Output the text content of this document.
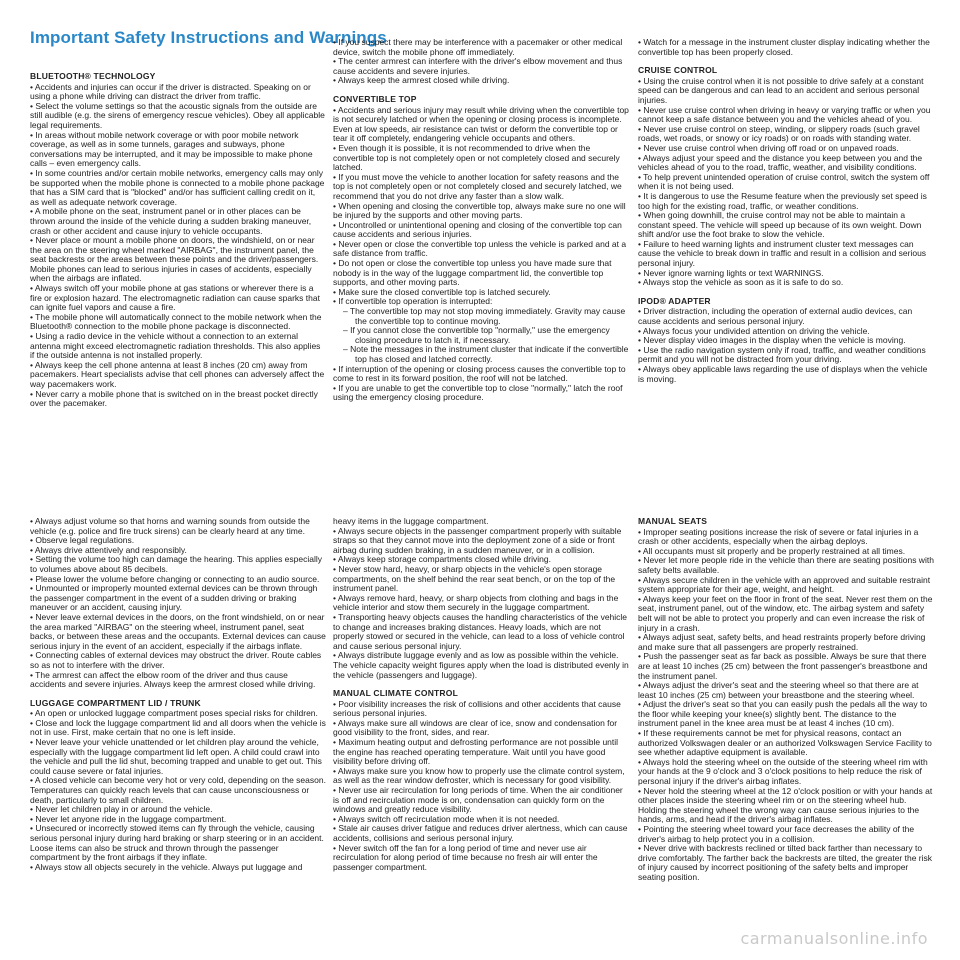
Important Safety Instructions and Warnings
BLUETOOTH® TECHNOLOGY

• Accidents and injuries can occur if the driver is distracted. Speaking on or using a phone while driving can distract the driver from traffic.

• Select the volume settings so that the acoustic signals from the outside are still audible (e.g. the sirens of emergency rescue vehicles). Obey all applicable legal requirements.

• In areas without mobile network coverage or with poor mobile network coverage, as well as in some tunnels, garages and subways, phone conversations may be interrupted, and it may be impossible to make phone calls – even emergency calls.

• In some countries and/or certain mobile networks, emergency calls may only be supported when the mobile phone is connected to a mobile phone package that has a SIM card that is "blocked" and/or has sufficient calling credit on it, as well as adequate network coverage.

• A mobile phone on the seat, instrument panel or in other places can be thrown around the inside of the vehicle during a sudden braking maneuver, crash or other accident and cause injury to vehicle occupants.

• Never place or mount a mobile phone on doors, the windshield, on or near the area on the steering wheel marked "AIRBAG", the instrument panel, the seat backrests or the areas between these points and the driver/passengers. Mobile phones can lead to serious injuries in cases of accidents, especially when the airbags are inflated.

• Always switch off your mobile phone at gas stations or wherever there is a fire or explosion hazard. The electromagnetic radiation can cause sparks that can ignite fuel vapors and cause a fire.

• The mobile phone will automatically connect to the mobile network when the Bluetooth® connection to the mobile phone package is disconnected.

• Using a radio device in the vehicle without a connection to an external antenna might exceed electromagnetic radiation thresholds. This also applies if the outside antenna is not installed properly.

• Always keep the cell phone antenna at least 8 inches (20 cm) away from pacemakers. Heart specialists advise that cell phones can adversely affect the way pacemakers work.

• Never carry a mobile phone that is switched on in the breast pocket directly over the pacemaker.

• If you suspect there may be interference with a pacemaker or other medical device, switch the mobile phone off immediately.

• The center armrest can interfere with the driver's elbow movement and thus cause accidents and severe injuries.

• Always keep the armrest closed while driving.

CONVERTIBLE TOP

• Accidents and serious injury may result while driving when the convertible top is not securely latched or when the opening or closing process is incomplete. Even at low speeds, air resistance can twist or deform the convertible top or tear it off completely, endangering vehicle occupants and others.

• Even though it is possible, it is not recommended to drive when the convertible top is not completely open or not completely closed and securely latched.

• If you must move the vehicle to another location for safety reasons and the top is not completely open or not completely closed and securely latched, we recommend that you do not drive any faster than a slow walk.

• When opening and closing the convertible top, always make sure no one will be injured by the supports and other moving parts.

• Uncontrolled or unintentional opening and closing of the convertible top can cause accidents and serious injuries.

• Never open or close the convertible top unless the vehicle is parked and at a safe distance from traffic.

• Do not open or close the convertible top unless you have made sure that nobody is in the way of the luggage compartment lid, the convertible top supports, and other moving parts.

• Make sure the closed convertible top is latched securely.

• If convertible top operation is interrupted:

– The convertible top may not stop moving immediately. Gravity may cause the convertible top to continue moving.

– If you cannot close the convertible top "normally," use the emergency closing procedure to latch it, if necessary.

– Note the messages in the instrument cluster that indicate if the convertible top has closed and latched correctly.

• If interruption of the opening or closing process causes the convertible top to come to rest in its forward position, the roof will not be latched.

• If you are unable to get the convertible top to close "normally," latch the roof using the emergency closing procedure.

• Watch for a message in the instrument cluster display indicating whether the convertible top has been properly closed.

CRUISE CONTROL

• Using the cruise control when it is not possible to drive safely at a constant speed can be dangerous and can lead to an accident and serious personal injuries.

• Never use cruise control when driving in heavy or varying traffic or when you cannot keep a safe distance between you and the vehicles ahead of you.

• Never use cruise control on steep, winding, or slippery roads (such gravel roads, wet roads, or snowy or icy roads) or on roads with standing water.

• Never use cruise control when driving off road or on unpaved roads.

• Always adjust your speed and the distance you keep between you and the vehicles ahead of you to the road, traffic, weather, and visibility conditions.

• To help prevent unintended operation of cruise control, switch the system off when it is not being used.

• It is dangerous to use the Resume feature when the previously set speed is too high for the existing road, traffic, or weather conditions.

• When going downhill, the cruise control may not be able to maintain a constant speed. The vehicle will speed up because of its own weight. Down shift and/or use the foot brake to slow the vehicle.

• Failure to heed warning lights and instrument cluster text messages can cause the vehicle to break down in traffic and result in a collision and serious personal injury.

• Never ignore warning lights or text WARNINGS.

• Always stop the vehicle as soon as it is safe to do so.

IPOD® ADAPTER

• Driver distraction, including the operation of external audio devices, can cause accidents and serious personal injury.

• Always focus your undivided attention on driving the vehicle.

• Never display video images in the display when the vehicle is moving.

• Use the radio navigation system only if road, traffic, and weather conditions permit and you will not be distracted from your driving.

• Always obey applicable laws regarding the use of displays when the vehicle is moving.

• Always adjust volume so that horns and warning sounds from outside the vehicle (e.g. police and fire truck sirens) can be clearly heard at any time.

• Observe legal regulations.

• Always drive attentively and responsibly.

• Setting the volume too high can damage the hearing. This applies especially to volumes above about 85 decibels.

• Please lower the volume before changing or connecting to an audio source.

• Unmounted or improperly mounted external devices can be thrown through the passenger compartment in the event of a sudden driving or braking maneuver or an accident, causing injury.

• Never leave external devices in the doors, on the front windshield, on or near the area marked "AIRBAG" on the steering wheel, instrument panel, seat backs, or between these areas and the occupants. External devices can cause serious injury in the event of an accident, especially if the airbags inflate.

• Connecting cables of external devices may obstruct the driver. Route cables so as not to interfere with the driver.

• The armrest can affect the elbow room of the driver and thus cause accidents and severe injuries. Always keep the armrest closed while driving.

LUGGAGE COMPARTMENT LID / TRUNK

• An open or unlocked luggage compartment poses special risks for children.

• Close and lock the luggage compartment lid and all doors when the vehicle is not in use. First, make certain that no one is left inside.

• Never leave your vehicle unattended or let children play around the vehicle, especially with the luggage compartment lid left open. A child could crawl into the vehicle and pull the lid shut, becoming trapped and unable to get out. This could cause severe or fatal injuries.

• A closed vehicle can become very hot or very cold, depending on the season. Temperatures can quickly reach levels that can cause unconsciousness or death, particularly to small children.

• Never let children play in or around the vehicle.

• Never let anyone ride in the luggage compartment.

• Unsecured or incorrectly stowed items can fly through the vehicle, causing serious personal injury during hard braking or sharp steering or in an accident. Loose items can also be struck and thrown through the passenger compartment by the front airbags if they inflate.

• Always stow all objects securely in the vehicle. Always put luggage and

heavy items in the luggage compartment.

• Always secure objects in the passenger compartment properly with suitable straps so that they cannot move into the deployment zone of a side or front airbag during sudden braking, in a sudden maneuver, or in a collision.

• Always keep storage compartments closed while driving.

• Never stow hard, heavy, or sharp objects in the vehicle's open storage compartments, on the shelf behind the rear seat bench, or on the top of the instrument panel.

• Always remove hard, heavy, or sharp objects from clothing and bags in the vehicle interior and stow them securely in the luggage compartment.

• Transporting heavy objects causes the handling characteristics of the vehicle to change and increases braking distances. Heavy loads, which are not properly stowed or secured in the vehicle, can lead to a loss of vehicle control and cause serious personal injury.

• Always distribute luggage evenly and as low as possible within the vehicle. The vehicle capacity weight figures apply when the load is distributed evenly in the vehicle (passengers and luggage).

MANUAL CLIMATE CONTROL

• Poor visibility increases the risk of collisions and other accidents that cause serious personal injuries.

• Always make sure all windows are clear of ice, snow and condensation for good visibility to the front, sides, and rear.

• Maximum heating output and defrosting performance are not possible until the engine has reached operating temperature. Wait until you have good visibility before driving off.

• Always make sure you know how to properly use the climate control system, as well as the rear window defroster, which is necessary for good visibility.

• Never use air recirculation for long periods of time. When the air conditioner is off and recirculation mode is on, condensation can quickly form on the windows and greatly reduce visibility.

• Always switch off recirculation mode when it is not needed.

• Stale air causes driver fatigue and reduces driver alertness, which can cause accidents, collisions and serious personal injury.

• Never switch off the fan for a long period of time and never use air recirculation for along period of time because no fresh air will enter the passenger compartment.

MANUAL SEATS

• Improper seating positions increase the risk of severe or fatal injuries in a crash or other accidents, especially when the airbag deploys.

• All occupants must sit properly and be properly restrained at all times.

• Never let more people ride in the vehicle than there are seating positions with safety belts available.

• Always secure children in the vehicle with an approved and suitable restraint system appropriate for their age, weight, and height.

• Always keep your feet on the floor in front of the seat. Never rest them on the seat, instrument panel, out of the window, etc. The airbag system and safety belt will not be able to protect you properly and can even increase the risk of injury in a crash.

• Always adjust seat, safety belts, and head restraints properly before driving and make sure that all passengers are properly restrained.

• Push the passenger seat as far back as possible. Always be sure that there are at least 10 inches (25 cm) between the front passenger's breastbone and the instrument panel.

• Always adjust the driver's seat and the steering wheel so that there are at least 10 inches (25 cm) between your breastbone and the steering wheel.

• Adjust the driver's seat so that you can easily push the pedals all the way to the floor while keeping your knee(s) slightly bent. The distance to the instrument panel in the knee area must be at least 4 inches (10 cm).

• If these requirements cannot be met for physical reasons, contact an authorized Volkswagen dealer or an authorized Volkswagen Service Facility to see whether adaptive equipment is available.

• Always hold the steering wheel on the outside of the steering wheel rim with your hands at the 9 o'clock and 3 o'clock positions to help reduce the risk of personal injury if the driver's airbag inflates.

• Never hold the steering wheel at the 12 o'clock position or with your hands at other places inside the steering wheel rim or on the steering wheel hub. Holding the steering wheel the wrong way can cause serious injuries to the hands, arms, and head if the driver's airbag inflates.

• Pointing the steering wheel toward your face decreases the ability of the driver's airbag to help protect you in a collision.

• Never drive with backrests reclined or tilted back farther than necessary to drive comfortably. The farther back the backrests are tilted, the greater the risk of injury caused by incorrect positioning of the safety belts and improper seating position.

carmanualsonline.info
